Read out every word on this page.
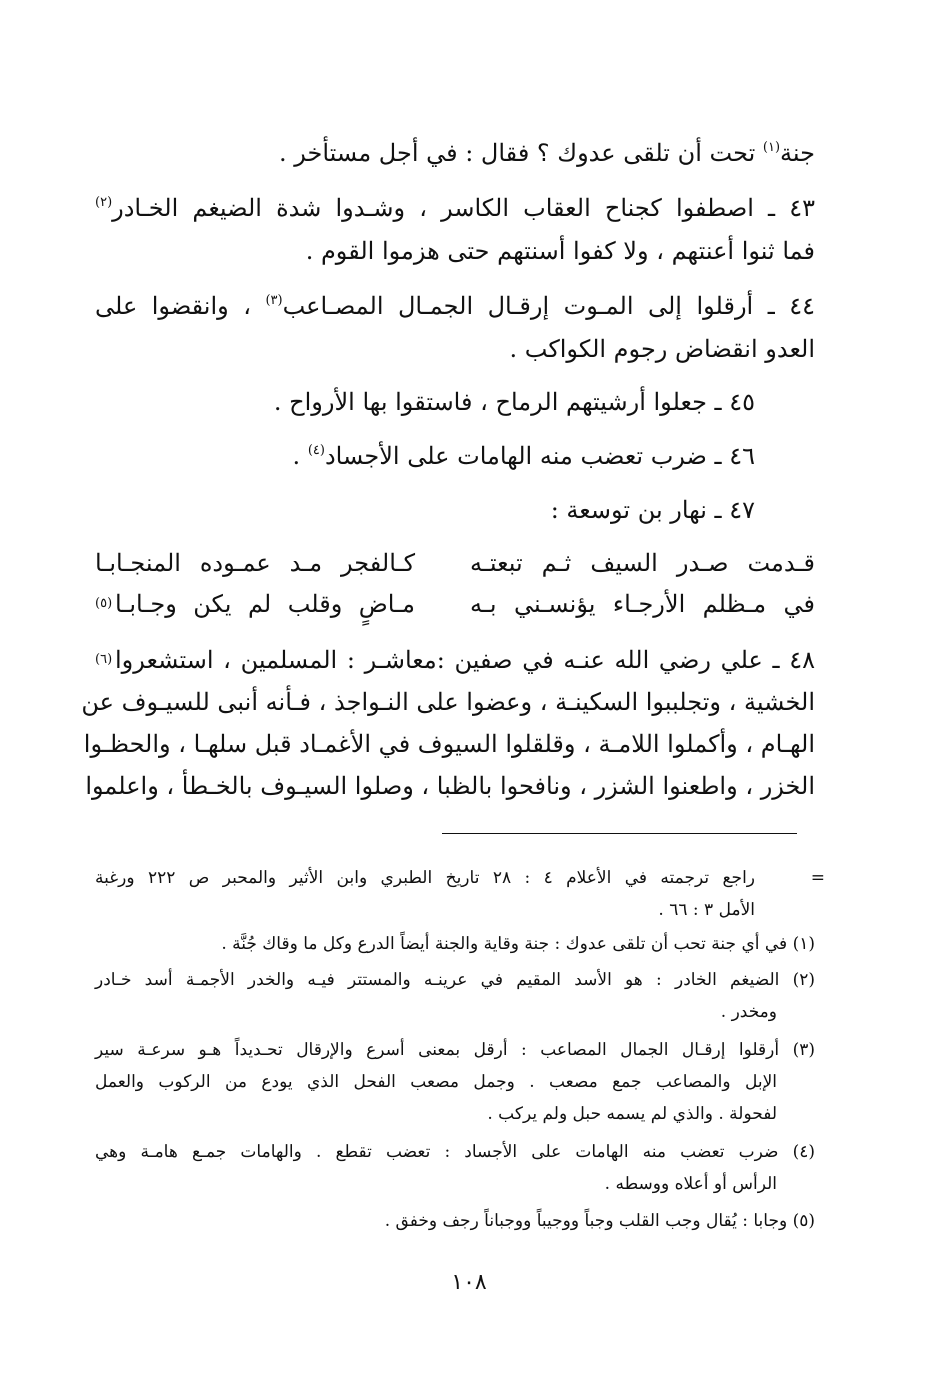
جنة$^{(١)}$ تحت أن تلقى عدوك ؟ فقال : في أجل مستأخر .
٤٣ ـ اصطفوا كجناح العقاب الكاسر ، وشـدوا شدة الضيغم الخـادر$^{(٢)}$
فما ثنوا أعنتهم ، ولا كفوا أسنتهم حتى هزموا القوم .
٤٤ ـ أرقلوا إلى المـوت إرقـال الجمـال المصـاعب$^{(٣)}$ ، وانقضوا على
العدو انقضاض رجوم الكواكب .
٤٥ ـ جعلوا أرشيتهم الرماح ، فاستقوا بها الأرواح .
٤٦ ـ ضرب تعضب منه الهامات على الأجساد$^{(٤)}$ .
٤٧ ـ نهار بن توسعة :
قـدمت صـدر السيف ثـم تبعتـه
كـالفجر مـد عمـوده المنجـابـا
في مـظلم الأرجـاء يؤنسـني بـه
مـاضٍ وقلب لم يكن وجـابـا
(٥)
٤٨ ـ علي رضي الله عنـه في صفين :معاشـر : المسلمين ، استشعروا
(٦)
الخشية ، وتجلببوا السكينـة ، وعضوا على النـواجذ ، فـأنه أنبى للسيـوف عن
الهـام ، وأكملوا اللامـة ، وقلقلوا السيوف في الأغمـاد قبل سلهـا ، والحظـوا
الخزر ، واطعنوا الشزر ، ونافحوا بالظبا ، وصلوا السيـوف بالخـطأ ، واعلموا
=
راجع ترجمته في الأعلام ٤ : ٢٨ تاريخ الطبري وابن الأثير والمحبر ص ٢٢٢ ورغبة
الأمل ٣ : ٦٦ .
(١) في أي جنة تحب أن تلقى عدوك : جنة وقاية والجنة أيضاً الدرع وكل ما وقاك جُنَّة .
(٢) الضيغم الخادر : هو الأسد المقيم في عرينـه والمستتر فيـه والخدر الأجمـة أسد خـادر
ومخدر .
(٣) أرقلوا إرقـال الجمال المصاعب : أرقل بمعنى أسرع والإرقال تحـديداً هـو سرعـة سير
الإبل والمصاعب جمع مصعب . وجمل مصعب الفحل الذي يودع من الركوب والعمل
لفحولة . والذي لم يسمه حبل ولم يركب .
(٤) ضرب تعضب منه الهامات على الأجساد : تعضب تقطع . والهامات جمـع هامـة وهي
الرأس أو أعلاه ووسطه .
(٥) وجابا : يُقال وجب القلب وجباً ووجيباً ووجباناً رجف وخفق .
١٠٨
